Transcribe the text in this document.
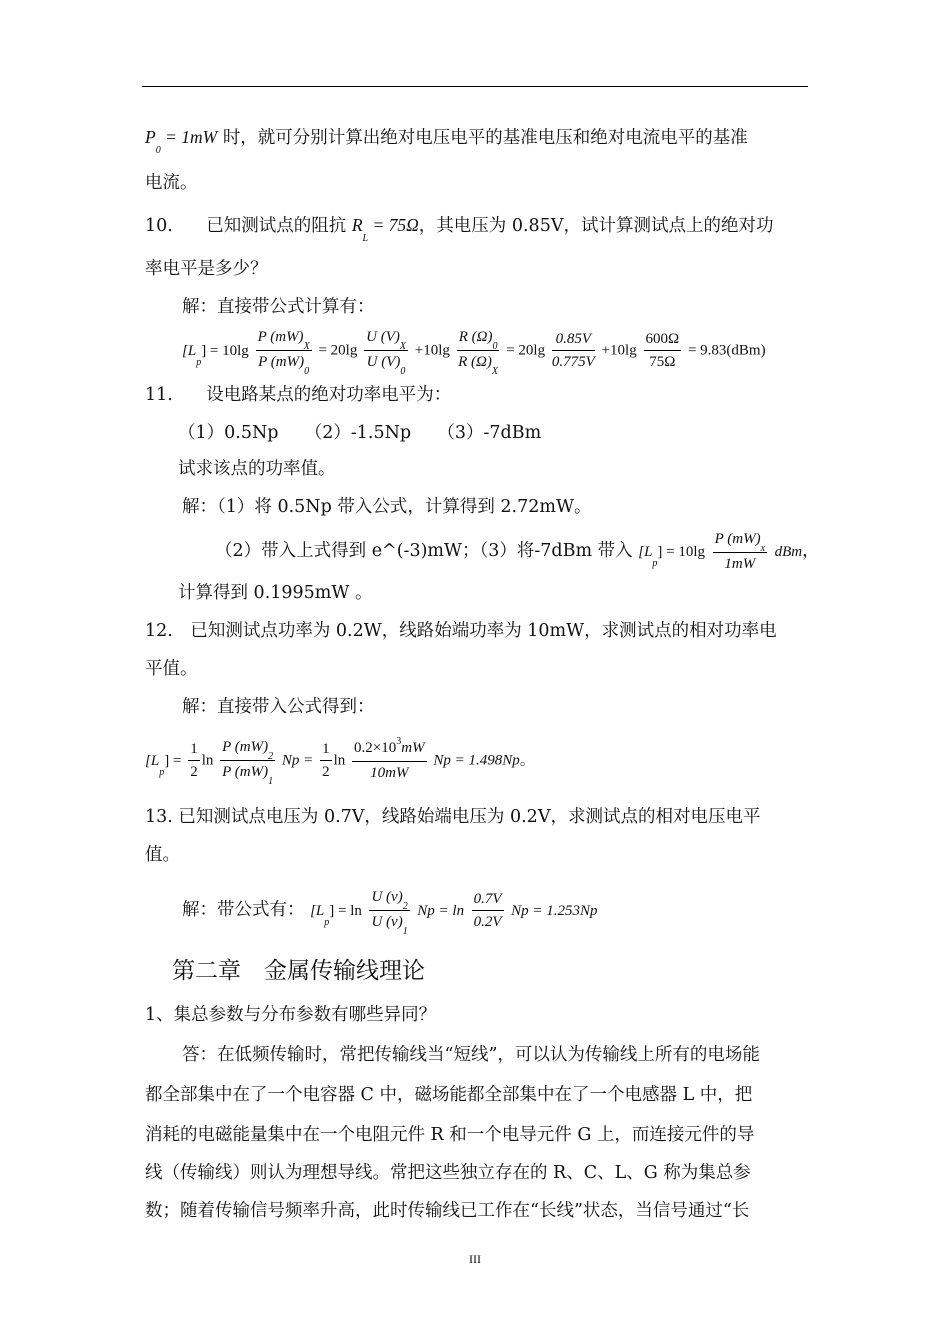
$P_0 = 1mW$ 时，就可分别计算出绝对电压电平的基准电压和绝对电流电平的基准
电流。
10. 已知测试点的阻抗 $R_L = 75\Omega$，其电压为 0.85V，试计算测试点上的绝对功
率电平是多少？
解：直接带公式计算有：
$[L_p] = 10\lg \frac{P (mW)_X}{P (mW)_0} = 20\lg \frac{U (V)_X}{U (V)_0} +10\lg \frac{R (\Omega)_0}{R (\Omega)_X} = 20\lg \frac{0.85V}{0.775V} +10\lg \frac{600\Omega}{75\Omega} = 9.83(dBm)$
11. 设电路某点的绝对功率电平为：
（1）0.5Np　　（2）-1.5Np　　（3）-7dBm
试求该点的功率值。
解：（1）将 0.5Np 带入公式，计算得到 2.72mW。
（2）带入上式得到 e^(-3)mW；（3）将-7dBm 带入 $[L_p] = 10\lg \frac{P (mW)_x}{1mW}$ dBm，
计算得到 0.1995mW 。
12.　已知测试点功率为 0.2W，线路始端功率为 10mW，求测试点的相对功率电
平值。
解：直接带入公式得到：
$[L_p] = \frac{1}{2}$ $\ln \frac{P (mW)_2}{P (mW)_1}$ $Np = \frac{1}{2}$ $\ln \frac{0.2\times 10^3mW}{10mW}$ Np = 1.498Np。
13. 已知测试点电压为 0.7V，线路始端电压为 0.2V，求测试点的相对电压电平
值。
解：带公式有： $[L_p] = \ln \frac{U (v)_2}{U (v)_1}$ $Np = \ln \frac{0.7V}{0.2V}$ Np = 1.253Np
第二章　金属传输线理论
1、集总参数与分布参数有哪些异同？
答：在低频传输时，常把传输线当“短线”，可以认为传输线上所有的电场能
都全部集中在了一个电容器 C 中，磁场能都全部集中在了一个电感器 L 中，把
消耗的电磁能量集中在一个电阻元件 R 和一个电导元件 G 上，而连接元件的导
线（传输线）则认为理想导线。常把这些独立存在的 R、C、L、G 称为集总参
数；随着传输信号频率升高，此时传输线已工作在“长线”状态，当信号通过“长
III
